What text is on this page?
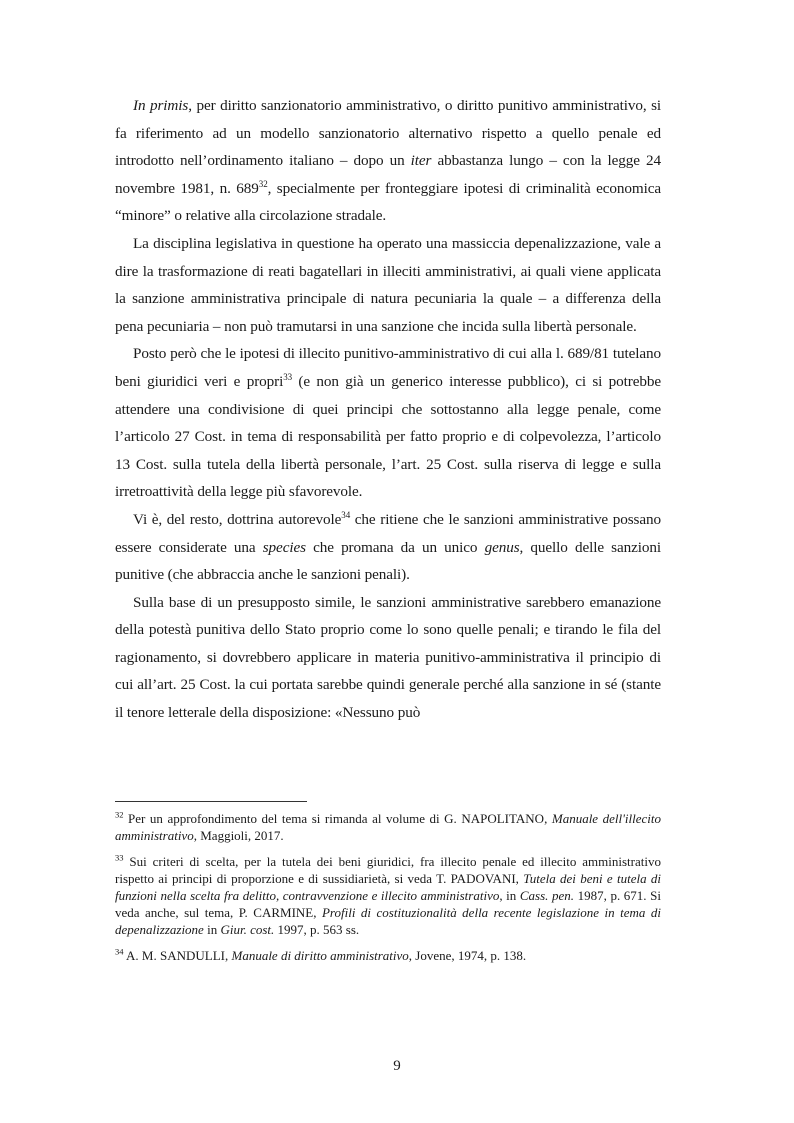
In primis, per diritto sanzionatorio amministrativo, o diritto punitivo amministrativo, si fa riferimento ad un modello sanzionatorio alternativo rispetto a quello penale ed introdotto nell’ordinamento italiano – dopo un iter abbastanza lungo – con la legge 24 novembre 1981, n. $689^{32}$, specialmente per fronteggiare ipotesi di criminalità economica “minore” o relative alla circolazione stradale.

La disciplina legislativa in questione ha operato una massiccia depenalizzazione, vale a dire la trasformazione di reati bagatellari in illeciti amministrativi, ai quali viene applicata la sanzione amministrativa principale di natura pecuniaria la quale – a differenza della pena pecuniaria – non può tramutarsi in una sanzione che incida sulla libertà personale.

Posto però che le ipotesi di illecito punitivo-amministrativo di cui alla l. 689/81 tutelano beni giuridici veri e propri$^{33}$ (e non già un generico interesse pubblico), ci si potrebbe attendere una condivisione di quei principi che sottostanno alla legge penale, come l’articolo 27 Cost. in tema di responsabilità per fatto proprio e di colpevolezza, l’articolo 13 Cost. sulla tutela della libertà personale, l’art. 25 Cost. sulla riserva di legge e sulla irretroattività della legge più sfavorevole.

Vi è, del resto, dottrina autorevole$^{34}$ che ritiene che le sanzioni amministrative possano essere considerate una species che promana da un unico genus, quello delle sanzioni punitive (che abbraccia anche le sanzioni penali).

Sulla base di un presupposto simile, le sanzioni amministrative sarebbero emanazione della potestà punitiva dello Stato proprio come lo sono quelle penali; e tirando le fila del ragionamento, si dovrebbero applicare in materia punitivo-amministrativa il principio di cui all’art. 25 Cost. la cui portata sarebbe quindi generale perché alla sanzione in sé (stante il tenore letterale della disposizione: «Nessuno può

$^{32}$ Per un approfondimento del tema si rimanda al volume di G. NAPOLITANO, Manuale dell'illecito amministrativo, Maggioli, 2017.
$^{33}$ Sui criteri di scelta, per la tutela dei beni giuridici, fra illecito penale ed illecito amministrativo rispetto ai principi di proporzione e di sussidiarietà, si veda T. PADOVANI, Tutela dei beni e tutela di funzioni nella scelta fra delitto, contravvenzione e illecito amministrativo, in Cass. pen. 1987, p. 671. Si veda anche, sul tema, P. CARMINE, Profili di costituzionalità della recente legislazione in tema di depenalizzazione in Giur. cost. 1997, p. 563 ss.
$^{34}$ A. M. SANDULLI, Manuale di diritto amministrativo, Jovene, 1974, p. 138.
9
